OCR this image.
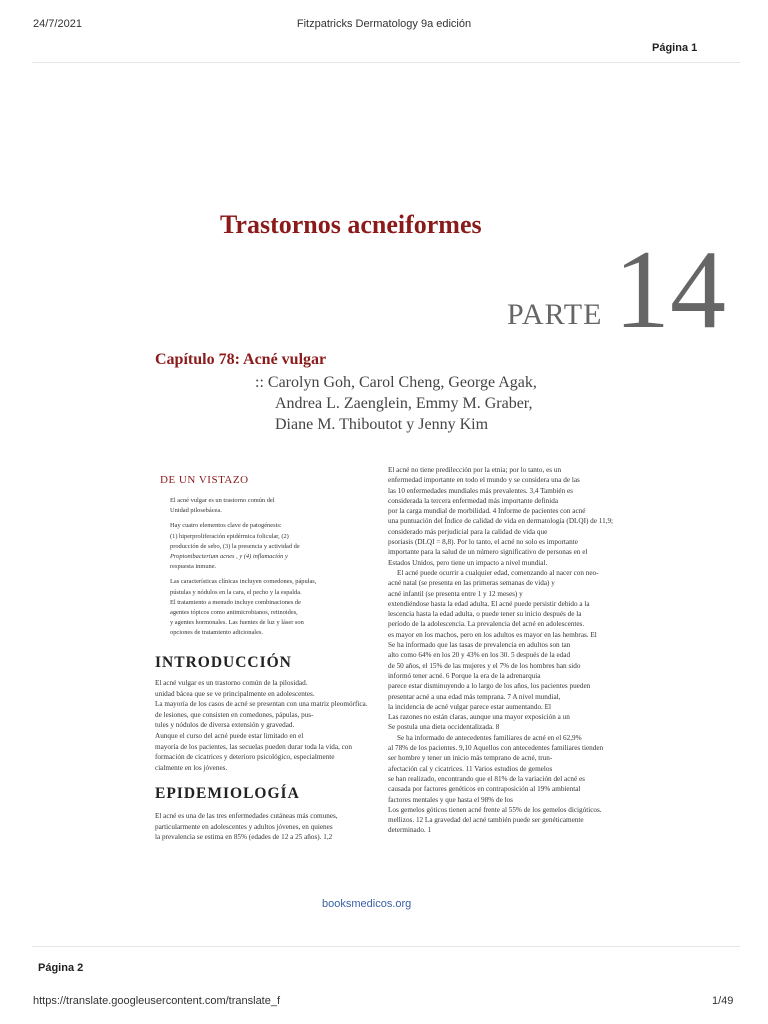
24/7/2021	Fitzpatricks Dermatology 9a edición
Página 1
Trastornos acneiformes
PARTE 14
Capítulo 78: Acné vulgar
:: Carolyn Goh, Carol Cheng, George Agak,
Andrea L. Zaenglein, Emmy M. Graber,
Diane M. Thiboutot y Jenny Kim
DE UN VISTAZO
El acné vulgar es un trastorno común del
Unidad pilosebácea.
Hay cuatro elementos clave de patogénesis:
(1) hiperproliferación epidérmica folicular, (2)
producción de sebo, (3) la presencia y actividad de
Propionibacterium acnes , y (4) inflamación y
respuesta inmune.
Las características clínicas incluyen comedones, pápulas,
pústulas y nódulos en la cara, el pecho y la espalda.
El tratamiento a menudo incluye combinaciones de
agentes tópicos como antimicrobianos, retinoides,
y agentes hormonales. Las fuentes de luz y láser son
opciones de tratamiento adicionales.
INTRODUCCIÓN
El acné vulgar es un trastorno común de la pilosidad.
unidad bácea que se ve principalmente en adolescentes.
La mayoría de los casos de acné se presentan con una matriz pleomórfica.
de lesiones, que consisten en comedones, pápulas, pus-
tules y nódulos de diversa extensión y gravedad.
Aunque el curso del acné puede estar limitado en el
mayoría de los pacientes, las secuelas pueden durar toda la vida, con
formación de cicatrices y deterioro psicológico, especialmente
cialmente en los jóvenes.
EPIDEMIOLOGÍA
El acné es una de las tres enfermedades cutáneas más comunes,
particularmente en adolescentes y adultos jóvenes, en quienes
la prevalencia se estima en 85% (edades de 12 a 25 años). 1,2
El acné no tiene predilección por la etnia; por lo tanto, es un
enfermedad importante en todo el mundo y se considera una de las
las 10 enfermedades mundiales más prevalentes. 3,4 También es
considerada la tercera enfermedad más importante definida
por la carga mundial de morbilidad. 4 Informe de pacientes con acné
una puntuación del Índice de calidad de vida en dermatología (DLQI) de 11,9;
considerado más perjudicial para la calidad de vida que
psoriasis (DLQI = 8,8). Por lo tanto, el acné no solo es importante
importante para la salud de un número significativo de personas en el
Estados Unidos, pero tiene un impacto a nivel mundial.
El acné puede ocurrir a cualquier edad, comenzando al nacer con neo-
acné natal (se presenta en las primeras semanas de vida) y
acné infantil (se presenta entre 1 y 12 meses) y
extendiéndose hasta la edad adulta. El acné puede persistir debido a la
lescencia hasta la edad adulta, o puede tener su inicio después de la
período de la adolescencia. La prevalencia del acné en adolescentes.
es mayor en los machos, pero en los adultos es mayor en las hembras. El
Se ha informado que las tasas de prevalencia en adultos son tan
alto como 64% en los 20 y 43% en los 30. 5 después de la edad
de 50 años, el 15% de las mujeres y el 7% de los hombres han sido
informó tener acné. 6 Porque la era de la adrenarquia
parece estar disminuyendo a lo largo de los años, los pacientes pueden
presentar acné a una edad más temprana. 7 A nivel mundial,
la incidencia de acné vulgar parece estar aumentando. El
Las razones no están claras, aunque una mayor exposición a un
Se postula una dieta occidentalizada. 8
Se ha informado de antecedentes familiares de acné en el 62,9%
al 78% de los pacientes. 9,10 Aquellos con antecedentes familiares tienden
ser hombre y tener un inicio más temprano de acné, trun-
afectación cal y cicatrices. 11 Varios estudios de gemelos
se han realizado, encontrando que el 81% de la variación del acné es
causada por factores genéticos en contraposición al 19% ambiental
factores mentales y que hasta el 98% de los
Los gemelos góticos tienen acné frente al 55% de los gemelos dicigóticos.
mellizos. 12 La gravedad del acné también puede ser genéticamente
determinado. 1
booksmedicos.org
Página 2
https://translate.googleusercontent.com/translate_f	1/49
